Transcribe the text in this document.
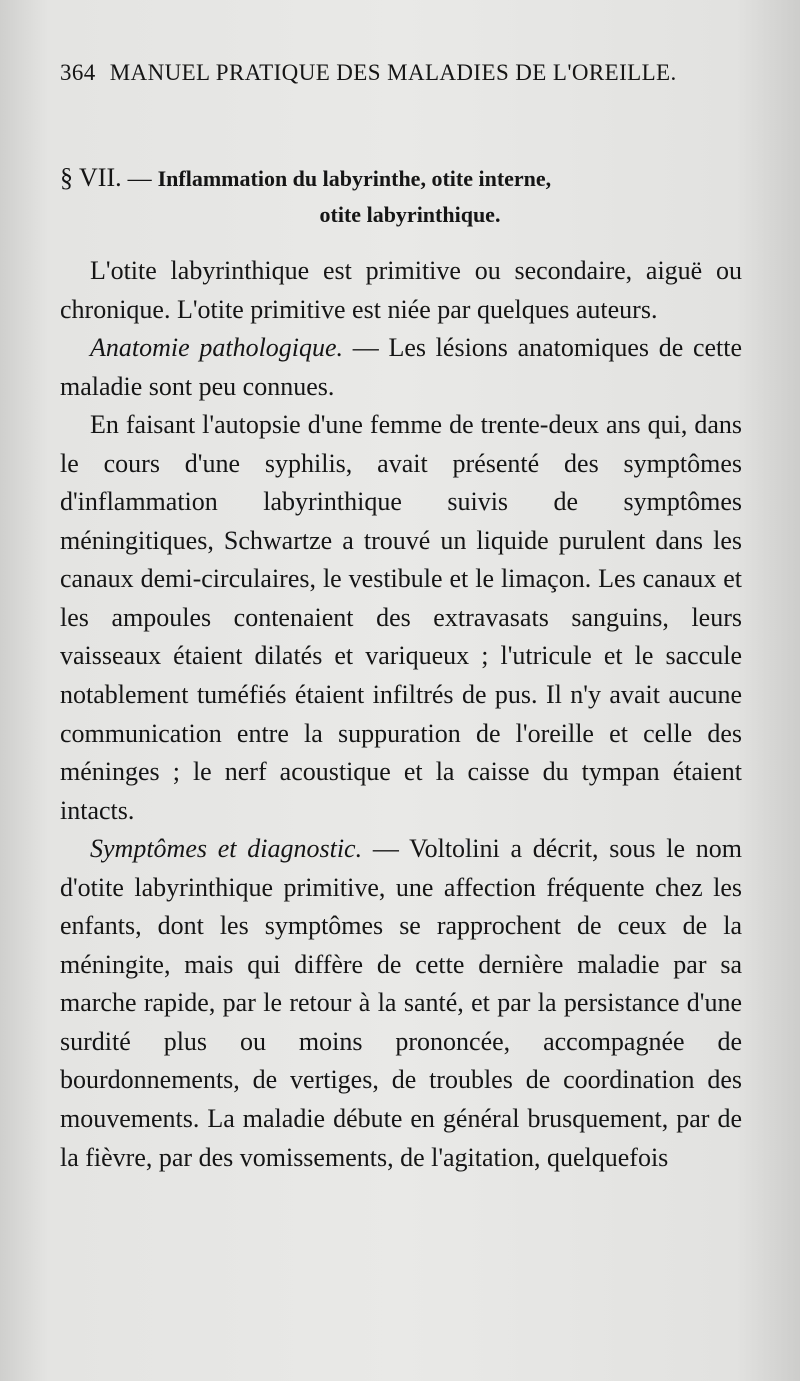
364 MANUEL PRATIQUE DES MALADIES DE L'OREILLE.
§ VII. — Inflammation du labyrinthe, otite interne,
otite labyrinthique.

L'otite labyrinthique est primitive ou secondaire, aiguë ou chronique. L'otite primitive est niée par quelques auteurs.

Anatomie pathologique. — Les lésions anatomiques de cette maladie sont peu connues.

En faisant l'autopsie d'une femme de trente-deux ans qui, dans le cours d'une syphilis, avait présenté des symptômes d'inflammation labyrinthique suivis de symptômes méningitiques, Schwartze a trouvé un liquide purulent dans les canaux demi-circulaires, le vestibule et le limaçon. Les canaux et les ampoules contenaient des extravasats sanguins, leurs vaisseaux étaient dilatés et variqueux ; l'utricule et le saccule notablement tuméfiés étaient infiltrés de pus. Il n'y avait aucune communication entre la suppuration de l'oreille et celle des méninges ; le nerf acoustique et la caisse du tympan étaient intacts.

Symptômes et diagnostic. — Voltolini a décrit, sous le nom d'otite labyrinthique primitive, une affection fréquente chez les enfants, dont les symptômes se rapprochent de ceux de la méningite, mais qui diffère de cette dernière maladie par sa marche rapide, par le retour à la santé, et par la persistance d'une surdité plus ou moins prononcée, accompagnée de bourdonnements, de vertiges, de troubles de coordination des mouvements. La maladie débute en général brusquement, par de la fièvre, par des vomissements, de l'agitation, quelquefois
